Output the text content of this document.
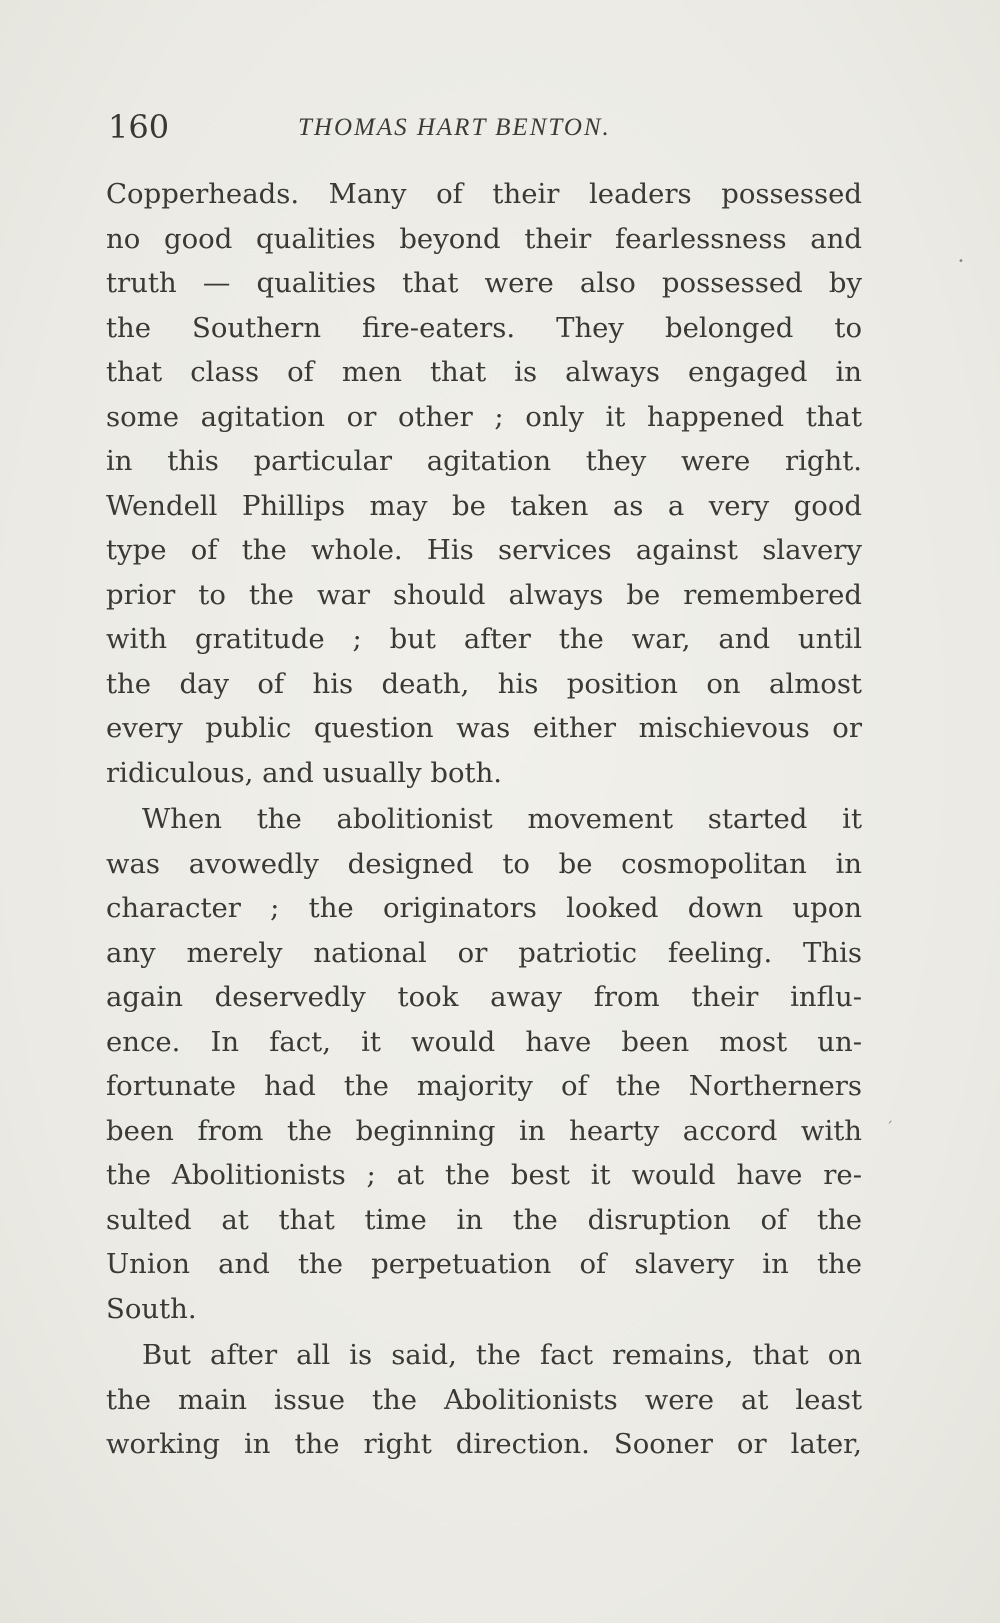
160	THOMAS HART BENTON.
Copperheads. Many of their leaders possessed
no good qualities beyond their fearlessness and
truth — qualities that were also possessed by
the Southern fire-eaters. They belonged to
that class of men that is always engaged in
some agitation or other ; only it happened that
in this particular agitation they were right.
Wendell Phillips may be taken as a very good
type of the whole. His services against slavery
prior to the war should always be remembered
with gratitude ; but after the war, and until
the day of his death, his position on almost
every public question was either mischievous or
ridiculous, and usually both.
When the abolitionist movement started it
was avowedly designed to be cosmopolitan in
character ; the originators looked down upon
any merely national or patriotic feeling. This
again deservedly took away from their influ-
ence. In fact, it would have been most un-
fortunate had the majority of the Northerners
been from the beginning in hearty accord with
the Abolitionists ; at the best it would have re-
sulted at that time in the disruption of the
Union and the perpetuation of slavery in the
South.
But after all is said, the fact remains, that on
the main issue the Abolitionists were at least
working in the right direction. Sooner or later,
•
ˏ
